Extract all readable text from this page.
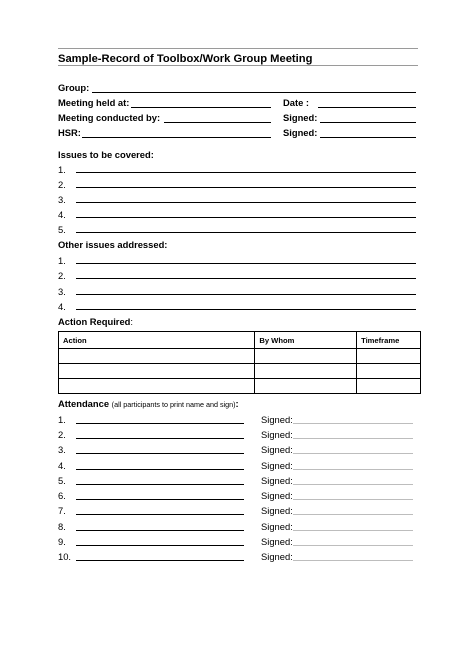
Sample-Record of Toolbox/Work Group Meeting
Group:
Meeting held at:	Date :
Meeting conducted by:	Signed:
HSR:	Signed:
Issues to be covered:
1.
2.
3.
4.
5.
Other issues addressed:
1.
2.
3.
4.
Action Required:
Action	By Whom	Timeframe

Attendance (all participants to print name and sign):
1.	Signed:
2.	Signed:
3.	Signed:
4.	Signed:
5.	Signed:
6.	Signed:
7.	Signed:
8.	Signed:
9.	Signed:
10.	Signed:
